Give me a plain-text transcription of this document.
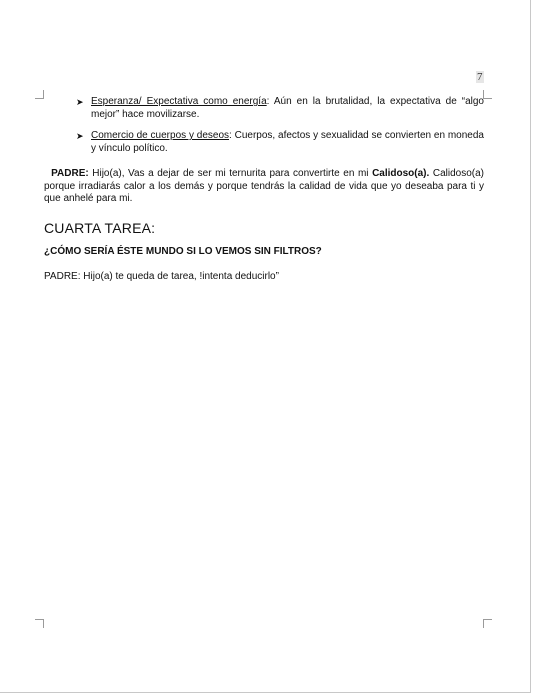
7
➤ Esperanza/ Expectativa como energía: Aún en la brutalidad, la expectativa de “algo mejor” hace movilizarse.
➤ Comercio de cuerpos y deseos: Cuerpos, afectos y sexualidad se convierten en moneda y vínculo político.

PADRE: Hijo(a), Vas a dejar de ser mi ternurita para convertirte en mi Calidoso(a). Calidoso(a) porque irradiarás calor a los demás y porque tendrás la calidad de vida que yo deseaba para ti y que anhelé para mi.

CUARTA TAREA:

¿CÓMO SERÍA ÉSTE MUNDO SI LO VEMOS SIN FILTROS?

PADRE: Hijo(a) te queda de tarea, !intenta deducirlo”
